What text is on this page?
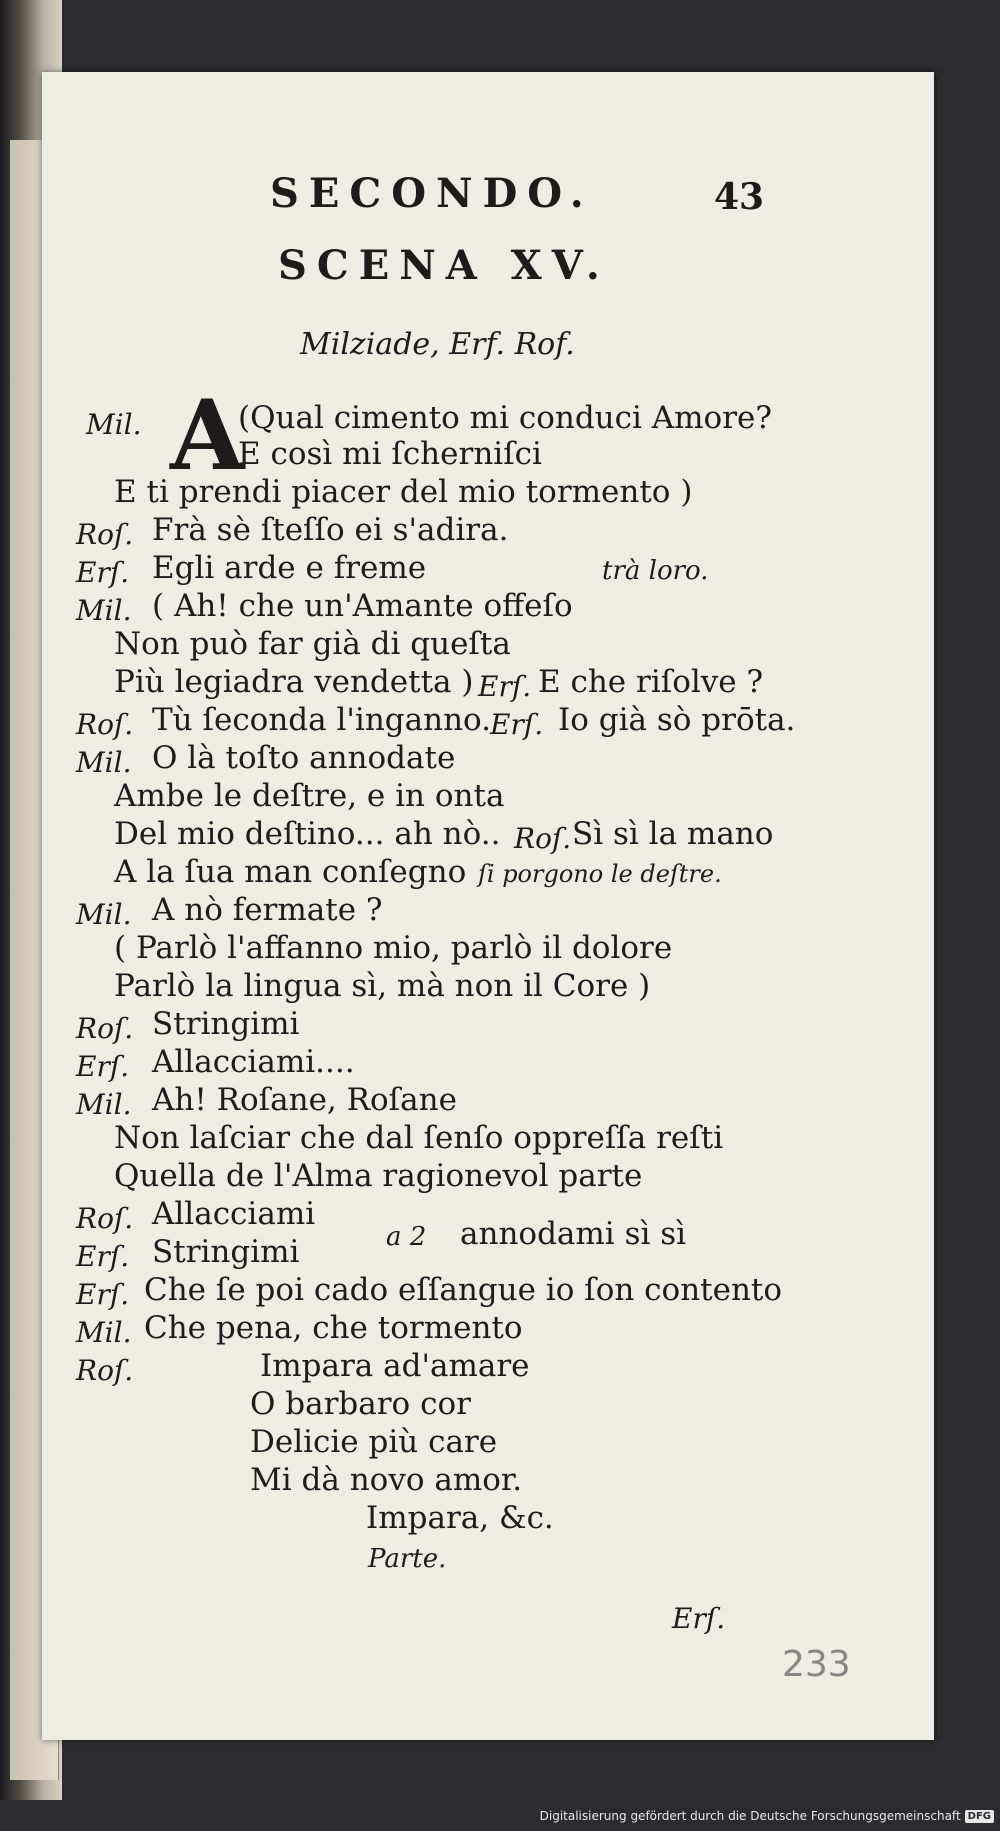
SECONDO.	43
SCENA XV.
Milziade, Erf. Rof.
A
Mil.	(Qual cimento mi conduci Amore?
E così mi ſcherniſci
E ti prendi piacer del mio tormento )
Roſ. Frà sè ſteſſo ei s'adira.
Erſ. Egli arde e freme	trà loro.
Mil. ( Ah! che un'Amante offeſo
Non può far già di queſta
Più legiadra vendetta ) Erſ. E che riſolve ?
Roſ. Tù ſeconda l'inganno.
Erſ. Io già sò prōta.
Mil. O là toſto annodate
Ambe le deſtre, e in onta
Del mio deſtino... ah nò.. Roſ. Sì sì la mano
A la ſua man conſegno ſi porgono le deſtre.
Mil. A nò fermate ?
( Parlò l'affanno mio, parlò il dolore
Parlò la lingua sì, mà non il Core )
Roſ. Stringimi
Erſ. Allacciami....
Mil. Ah! Roſane, Roſane
Non laſciar che dal ſenſo oppreſſa reſti
Quella de l'Alma ragionevol parte
Roſ. Allacciami
Erſ. Stringimi	a 2 annodami sì sì
Erſ. Che ſe poi cado eſſangue io ſon contento
Mil. Che pena, che tormento
Roſ.	Impara ad'amare
O barbaro cor
Delicie più care
Mi dà novo amor.
Impara, &c.
Parte.
Erſ.
233
Digitalisierung gefördert durch die Deutsche Forschungsgemeinschaft DFG
